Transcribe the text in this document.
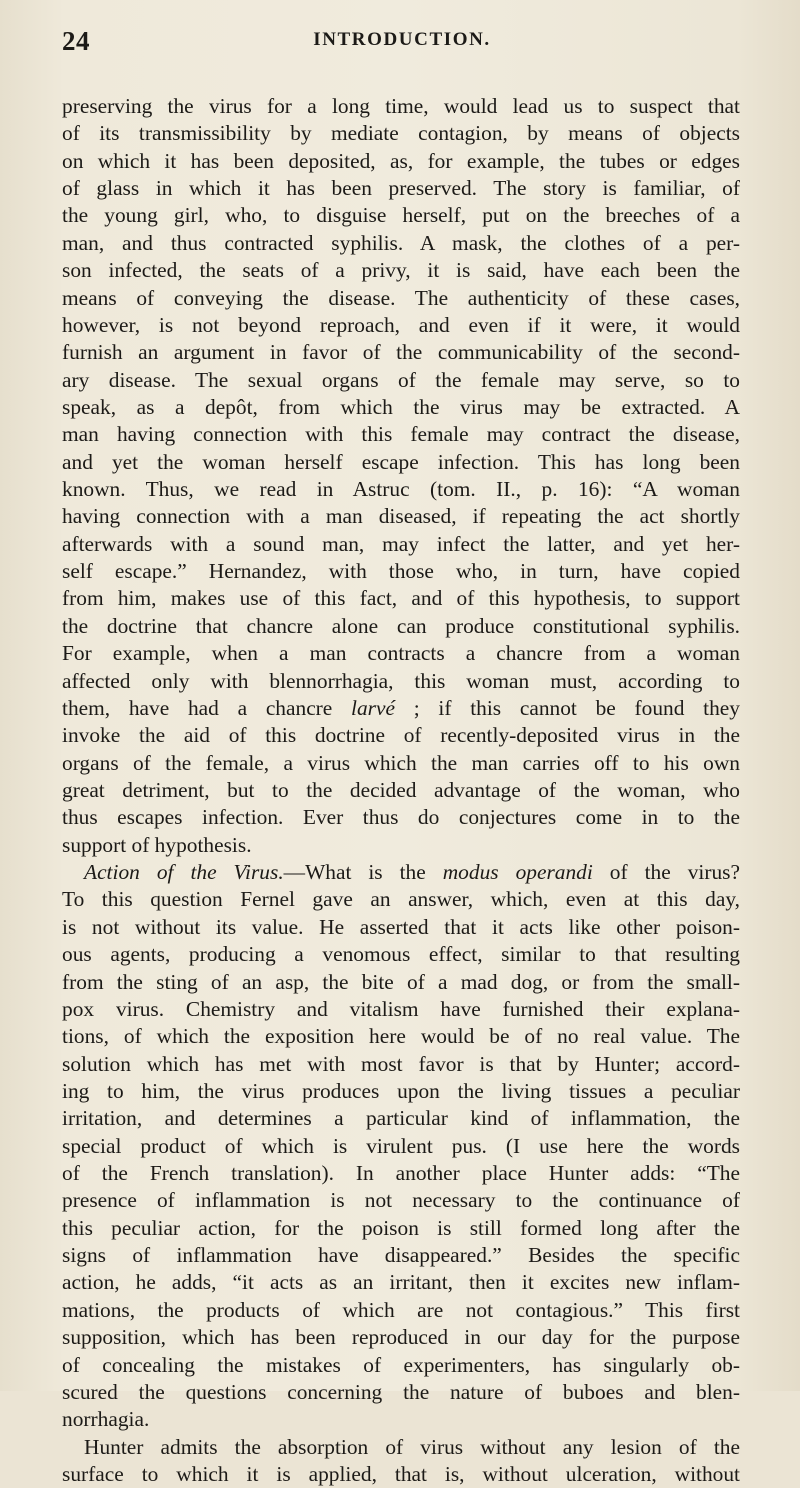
24	INTRODUCTION.
preserving the virus for a long time, would lead us to suspect that
of its transmissibility by mediate contagion, by means of objects
on which it has been deposited, as, for example, the tubes or edges
of glass in which it has been preserved. The story is familiar, of
the young girl, who, to disguise herself, put on the breeches of a
man, and thus contracted syphilis. A mask, the clothes of a per-
son infected, the seats of a privy, it is said, have each been the
means of conveying the disease. The authenticity of these cases,
however, is not beyond reproach, and even if it were, it would
furnish an argument in favor of the communicability of the second-
ary disease. The sexual organs of the female may serve, so to
speak, as a depôt, from which the virus may be extracted. A
man having connection with this female may contract the disease,
and yet the woman herself escape infection. This has long been
known. Thus, we read in Astruc (tom. II., p. 16): “A woman
having connection with a man diseased, if repeating the act shortly
afterwards with a sound man, may infect the latter, and yet her-
self escape.” Hernandez, with those who, in turn, have copied
from him, makes use of this fact, and of this hypothesis, to support
the doctrine that chancre alone can produce constitutional syphilis.
For example, when a man contracts a chancre from a woman
affected only with blennorrhagia, this woman must, according to
them, have had a chancre larvé ; if this cannot be found they
invoke the aid of this doctrine of recently-deposited virus in the
organs of the female, a virus which the man carries off to his own
great detriment, but to the decided advantage of the woman, who
thus escapes infection. Ever thus do conjectures come in to the
support of hypothesis.
Action of the Virus.—What is the modus operandi of the virus?
To this question Fernel gave an answer, which, even at this day,
is not without its value. He asserted that it acts like other poison-
ous agents, producing a venomous effect, similar to that resulting
from the sting of an asp, the bite of a mad dog, or from the small-
pox virus. Chemistry and vitalism have furnished their explana-
tions, of which the exposition here would be of no real value. The
solution which has met with most favor is that by Hunter; accord-
ing to him, the virus produces upon the living tissues a peculiar
irritation, and determines a particular kind of inflammation, the
special product of which is virulent pus. (I use here the words
of the French translation). In another place Hunter adds: “The
presence of inflammation is not necessary to the continuance of
this peculiar action, for the poison is still formed long after the
signs of inflammation have disappeared.” Besides the specific
action, he adds, “it acts as an irritant, then it excites new inflam-
mations, the products of which are not contagious.” This first
supposition, which has been reproduced in our day for the purpose
of concealing the mistakes of experimenters, has singularly ob-
scured the questions concerning the nature of buboes and blen-
norrhagia.
Hunter admits the absorption of virus without any lesion of the
surface to which it is applied, that is, without ulceration, without
